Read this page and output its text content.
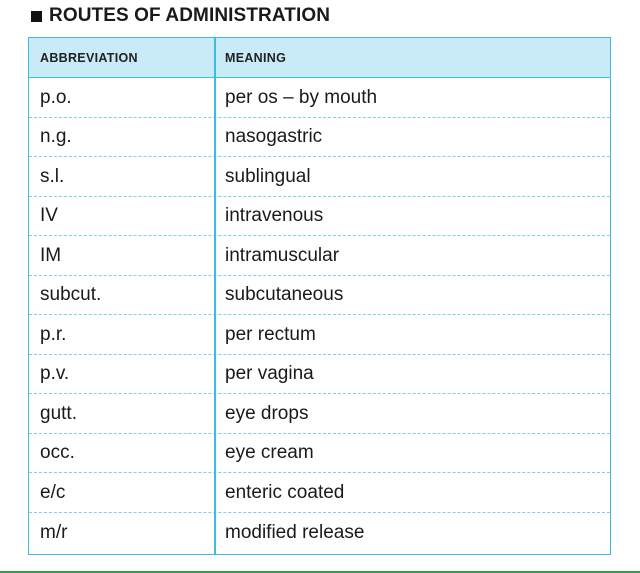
ROUTES OF ADMINISTRATION
ABBREVIATION	MEANING
p.o.	per os – by mouth
n.g.	nasogastric
s.l.	sublingual
IV	intravenous
IM	intramuscular
subcut.	subcutaneous
p.r.	per rectum
p.v.	per vagina
gutt.	eye drops
occ.	eye cream
e/c	enteric coated
m/r	modified release
